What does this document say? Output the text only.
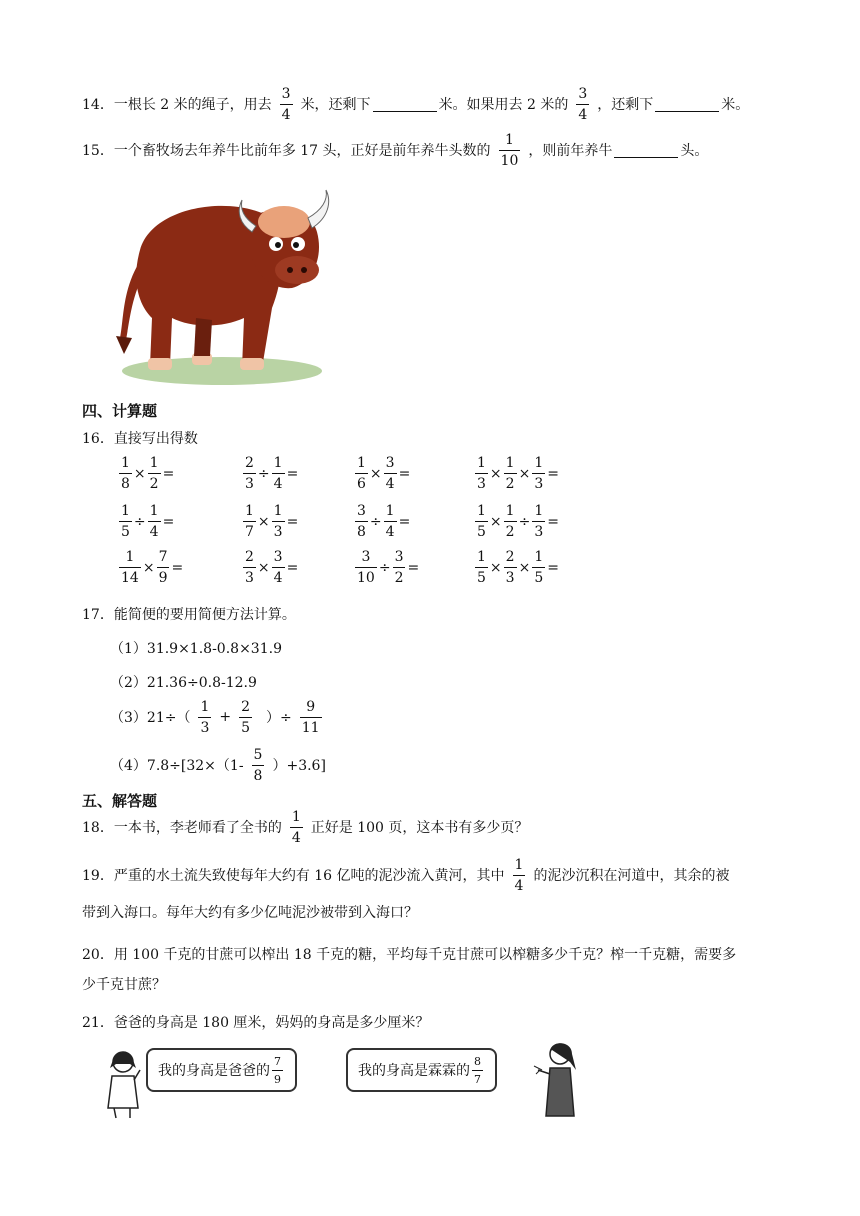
14． 一根长 2 米的绳子，用去 $\frac{3}{4}$ 米，还剩下	米。如果用去 2 米的 $\frac{3}{4}$ ，还剩下	米。
15． 一个畜牧场去年养牛比前年多 17 头，正好是前年养牛头数的 $\frac{1}{10}$ ，则前年养牛	头。
四、计算题
16．直接写出得数
$\frac{1}{8} \times \frac{1}{2}$ =	$\frac{2}{3} \div \frac{1}{4}$ =	$\frac{1}{6} \times \frac{3}{4}$ =	$\frac{1}{3} \times \frac{1}{2} \times \frac{1}{3}$ =
$\frac{1}{5} \div \frac{1}{4}$ =	$\frac{1}{7} \times \frac{1}{3}$ =	$\frac{3}{8} \div \frac{1}{4}$ =	$\frac{1}{5} \times \frac{1}{2} \div \frac{1}{3}$ =
$\frac{1}{14} \times \frac{7}{9}$ =	$\frac{2}{3} \times \frac{3}{4}$ =	$\frac{3}{10} \div \frac{3}{2}$ =	$\frac{1}{5} \times \frac{2}{3} \times \frac{1}{5}$ =
17．能简便的要用简便方法计算。
（1）31.9×1.8-0.8×31.9
（2）21.36÷0.8-12.9
$(3)21\div( \frac{1}{3} + \frac{2}{5}$ ）÷ $\frac{9}{11}$
$(4)7.8\div[32\times(1- \frac{5}{8} )+3.6]$
五、解答题
18．一本书，李老师看了全书的 $\frac{1}{4}$ 正好是 100 页，这本书有多少页？
19．严重的水土流失致使每年大约有 16 亿吨的泥沙流入黄河，其中 $\frac{1}{4}$ 的泥沙沉积在河道中，其余的被
带到入海口。每年大约有多少亿吨泥沙被带到入海口？
20．用 100 千克的甘蔗可以榨出 18 千克的糖，平均每千克甘蔗可以榨糖多少千克？榨一千克糖，需要多
少千克甘蔗？
21．爸爸的身高是 180 厘米，妈妈的身高是多少厘米？
我的身高是爸爸的 $\frac{7}{9}$	我的身高是霖霖的 $\frac{8}{7}$
